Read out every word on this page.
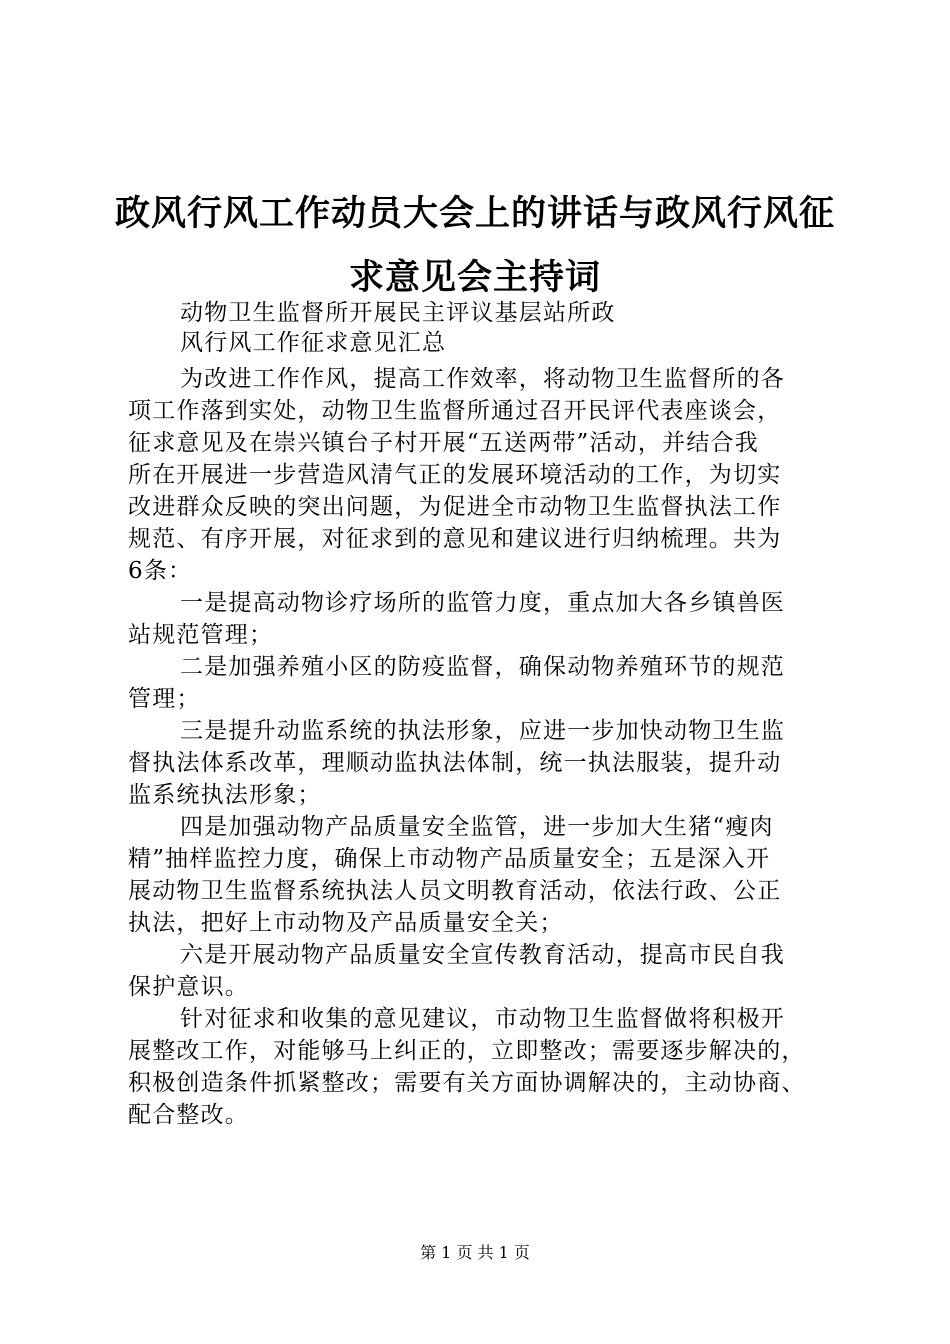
政风行风工作动员大会上的讲话与政风行风征
求意见会主持词
动物卫生监督所开展民主评议基层站所政
风行风工作征求意见汇总
为改进工作作风，提高工作效率，将动物卫生监督所的各
项工作落到实处，动物卫生监督所通过召开民评代表座谈会，
征求意见及在崇兴镇台子村开展“五送两带”活动，并结合我
所在开展进一步营造风清气正的发展环境活动的工作，为切实
改进群众反映的突出问题，为促进全市动物卫生监督执法工作
规范、有序开展，对征求到的意见和建议进行归纳梳理。共为
6条：
一是提高动物诊疗场所的监管力度，重点加大各乡镇兽医
站规范管理；
二是加强养殖小区的防疫监督，确保动物养殖环节的规范
管理；
三是提升动监系统的执法形象，应进一步加快动物卫生监
督执法体系改革，理顺动监执法体制，统一执法服装，提升动
监系统执法形象；
四是加强动物产品质量安全监管，进一步加大生猪“瘦肉
精”抽样监控力度，确保上市动物产品质量安全；五是深入开
展动物卫生监督系统执法人员文明教育活动，依法行政、公正
执法，把好上市动物及产品质量安全关；
六是开展动物产品质量安全宣传教育活动，提高市民自我
保护意识。
针对征求和收集的意见建议，市动物卫生监督做将积极开
展整改工作，对能够马上纠正的，立即整改；需要逐步解决的，
积极创造条件抓紧整改；需要有关方面协调解决的，主动协商、
配合整改。
第 1 页 共 1 页
